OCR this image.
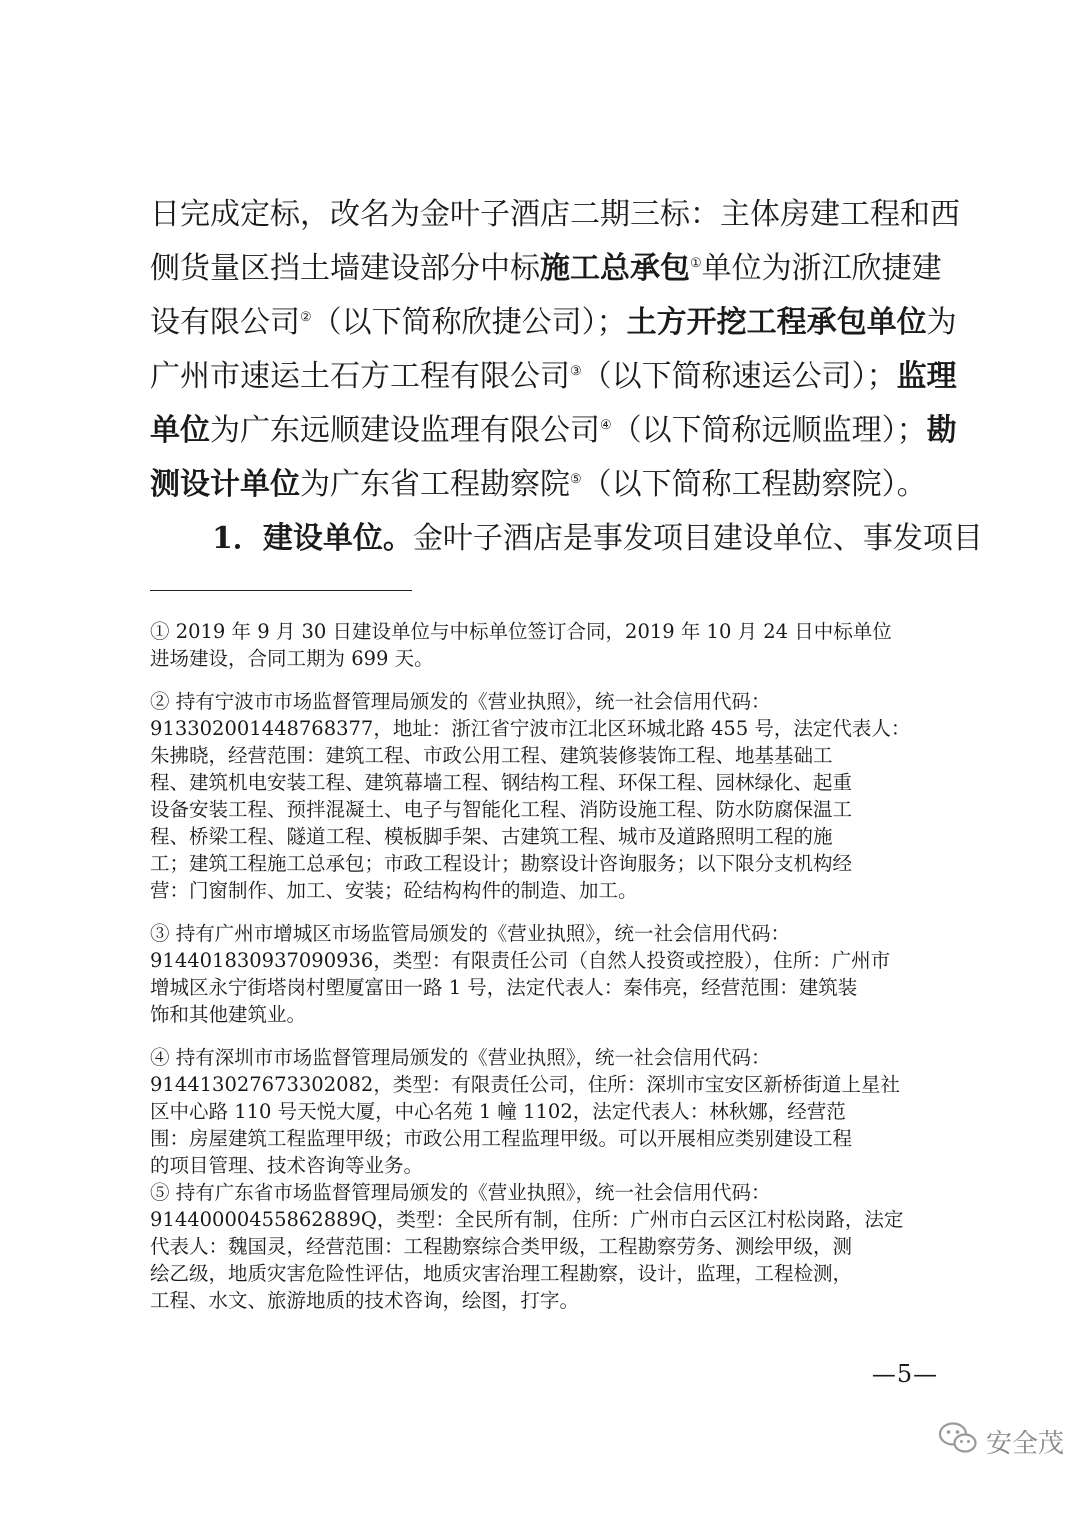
日完成定标，改名为金叶子酒店二期三标：主体房建工程和西
侧货量区挡土墙建设部分中标施工总承包①单位为浙江欣捷建
设有限公司②（以下简称欣捷公司）；土方开挖工程承包单位为
广州市速运土石方工程有限公司③（以下简称速运公司）；监理
单位为广东远顺建设监理有限公司④（以下简称远顺监理）；勘
测设计单位为广东省工程勘察院⑤（以下简称工程勘察院）。
1．建设单位。金叶子酒店是事发项目建设单位、事发项目
① 2019 年 9 月 30 日建设单位与中标单位签订合同，2019 年 10 月 24 日中标单位
进场建设，合同工期为 699 天。
② 持有宁波市市场监督管理局颁发的《营业执照》，统一社会信用代码：
91330200144876837​7，地址：浙江省宁波市江北区环城北路 455 号，法定代表人：
朱拂晓，经营范围：建筑工程、市政公用工程、建筑装修装饰工程、地基基础工
程、建筑机电安装工程、建筑幕墙工程、钢结构工程、环保工程、园林绿化、起重
设备安装工程、预拌混凝土、电子与智能化工程、消防设施工程、防水防腐保温工
程、桥梁工程、隧道工程、模板脚手架、古建筑工程、城市及道路照明工程的施
工；建筑工程施工总承包；市政工程设计；勘察设计咨询服务；以下限分支机构经
营：门窗制作、加工、安装；砼结构构件的制造、加工。
③ 持有广州市增城区市场监管局颁发的《营业执照》，统一社会信用代码：
91440183093709093​6，类型：有限责任公司（自然人投资或控股），住所：广州市
增城区永宁街塔岗村塱厦富田一路 1 号，法定代表人：秦伟亮，经营范围：建筑装
饰和其他建筑业。
④ 持有深圳市市场监督管理局颁发的《营业执照》，统一社会信用代码：
91441302767330208​2，类型：有限责任公司，住所：深圳市宝安区新桥街道上星社
区中心路 110 号天悦大厦，中心名苑 1 幢 1102，法定代表人：林秋娜，经营范
围：房屋建筑工程监理甲级；市政公用工程监理甲级。可以开展相应类别建设工程
的项目管理、技术咨询等业务。
⑤ 持有广东省市场监督管理局颁发的《营业执照》，统一社会信用代码：
91440000455862889Q，类型：全民所有制，住所：广州市白云区江村松岗路，法定
代表人：魏国灵，经营范围：工程勘察综合类甲级，工程勘察劳务、测绘甲级，测
绘乙级，地质灾害危险性评估，地质灾害治理工程勘察，设计，监理，工程检测，
工程、水文、旅游地质的技术咨询，绘图，打字。
—5—
安全茂
